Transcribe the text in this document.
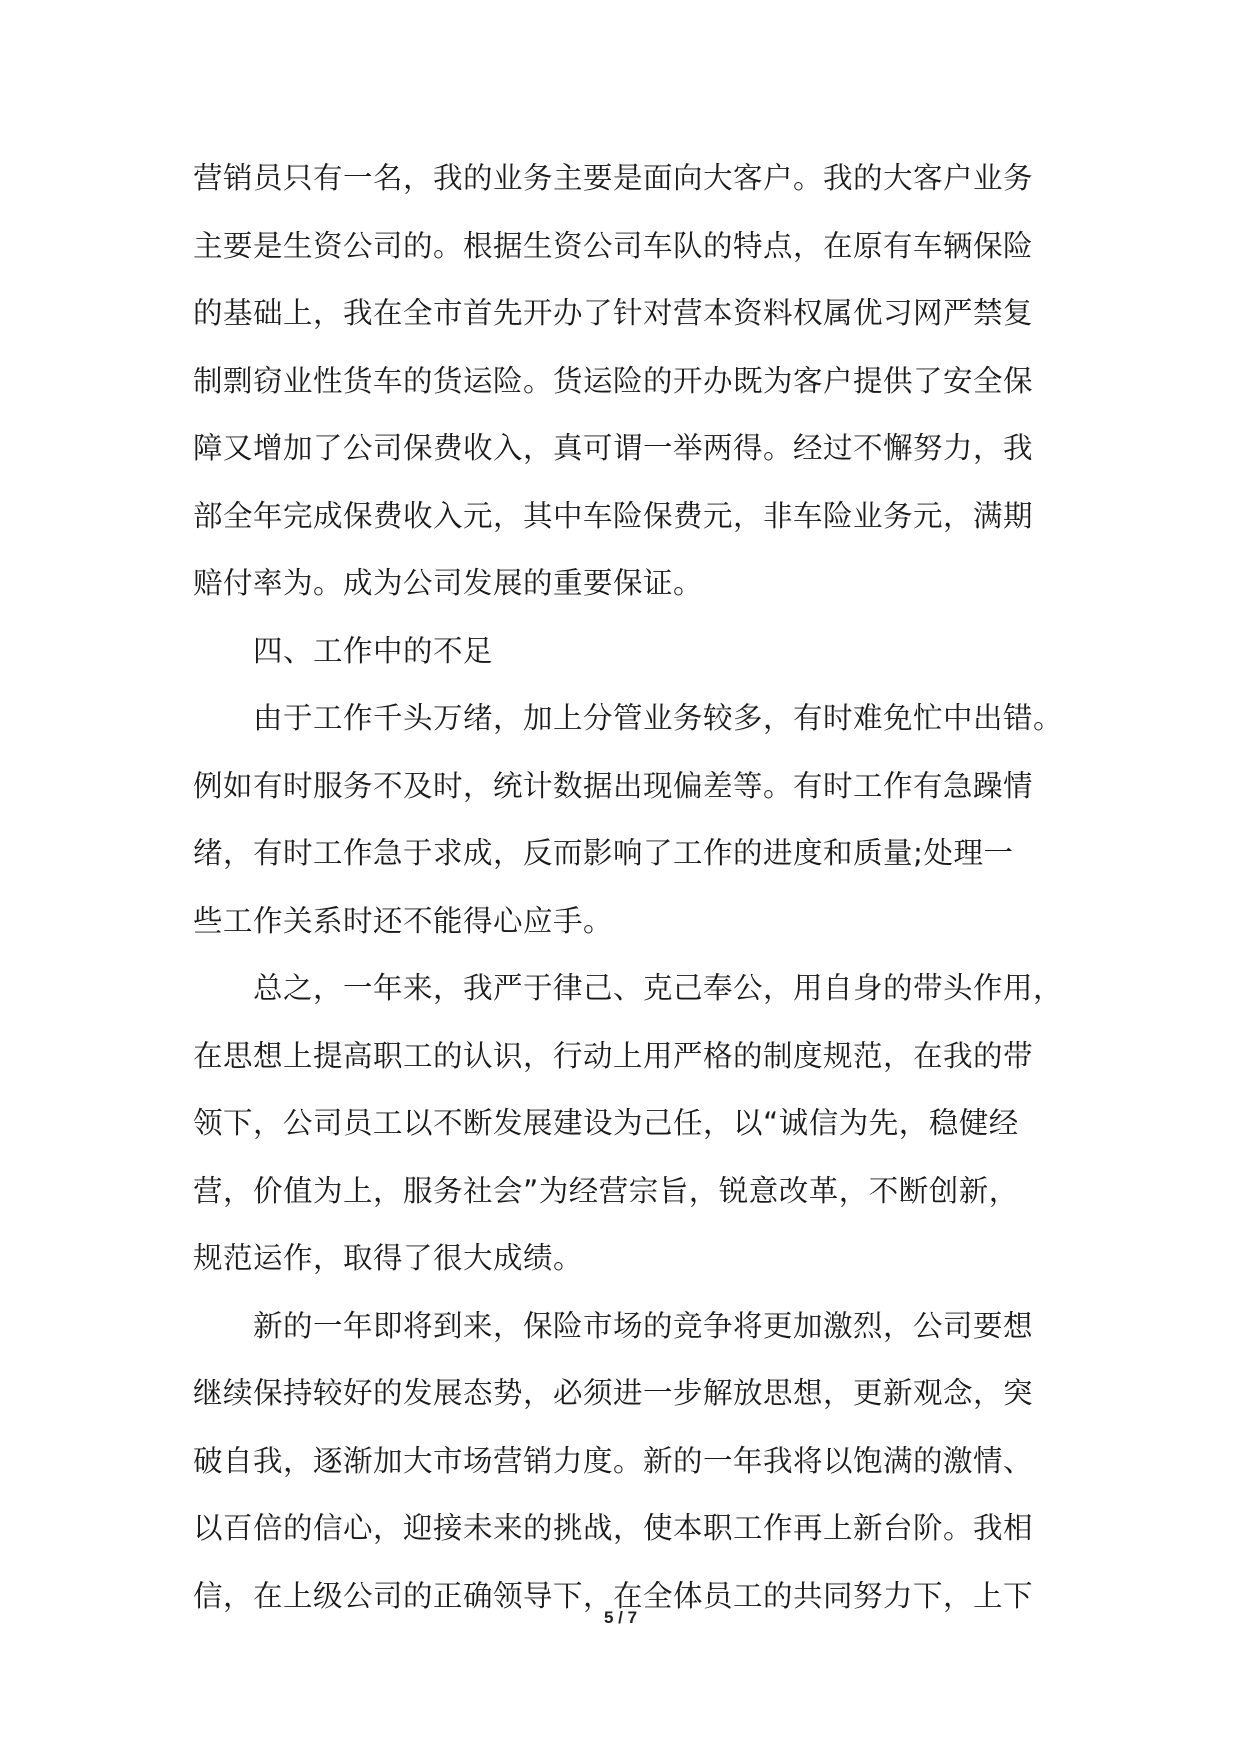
营销员只有一名，我的业务主要是面向大客户。我的大客户业务
主要是生资公司的。根据生资公司车队的特点，在原有车辆保险
的基础上，我在全市首先开办了针对营本资料权属优习网严禁复
制剽窃业性货车的货运险。货运险的开办既为客户提供了安全保
障又增加了公司保费收入，真可谓一举两得。经过不懈努力，我
部全年完成保费收入元，其中车险保费元，非车险业务元，满期
赔付率为。成为公司发展的重要保证。
　　四、工作中的不足
　　由于工作千头万绪，加上分管业务较多，有时难免忙中出错。
例如有时服务不及时，统计数据出现偏差等。有时工作有急躁情
绪，有时工作急于求成，反而影响了工作的进度和质量;处理一
些工作关系时还不能得心应手。
　　总之，一年来，我严于律己、克己奉公，用自身的带头作用，
在思想上提高职工的认识，行动上用严格的制度规范，在我的带
领下，公司员工以不断发展建设为己任，以“诚信为先，稳健经
营，价值为上，服务社会”为经营宗旨，锐意改革，不断创新，
规范运作，取得了很大成绩。
　　新的一年即将到来，保险市场的竞争将更加激烈，公司要想
继续保持较好的发展态势，必须进一步解放思想，更新观念，突
破自我，逐渐加大市场营销力度。新的一年我将以饱满的激情、
以百倍的信心，迎接未来的挑战，使本职工作再上新台阶。我相
信，在上级公司的正确领导下，在全体员工的共同努力下，上下
5 / 7
